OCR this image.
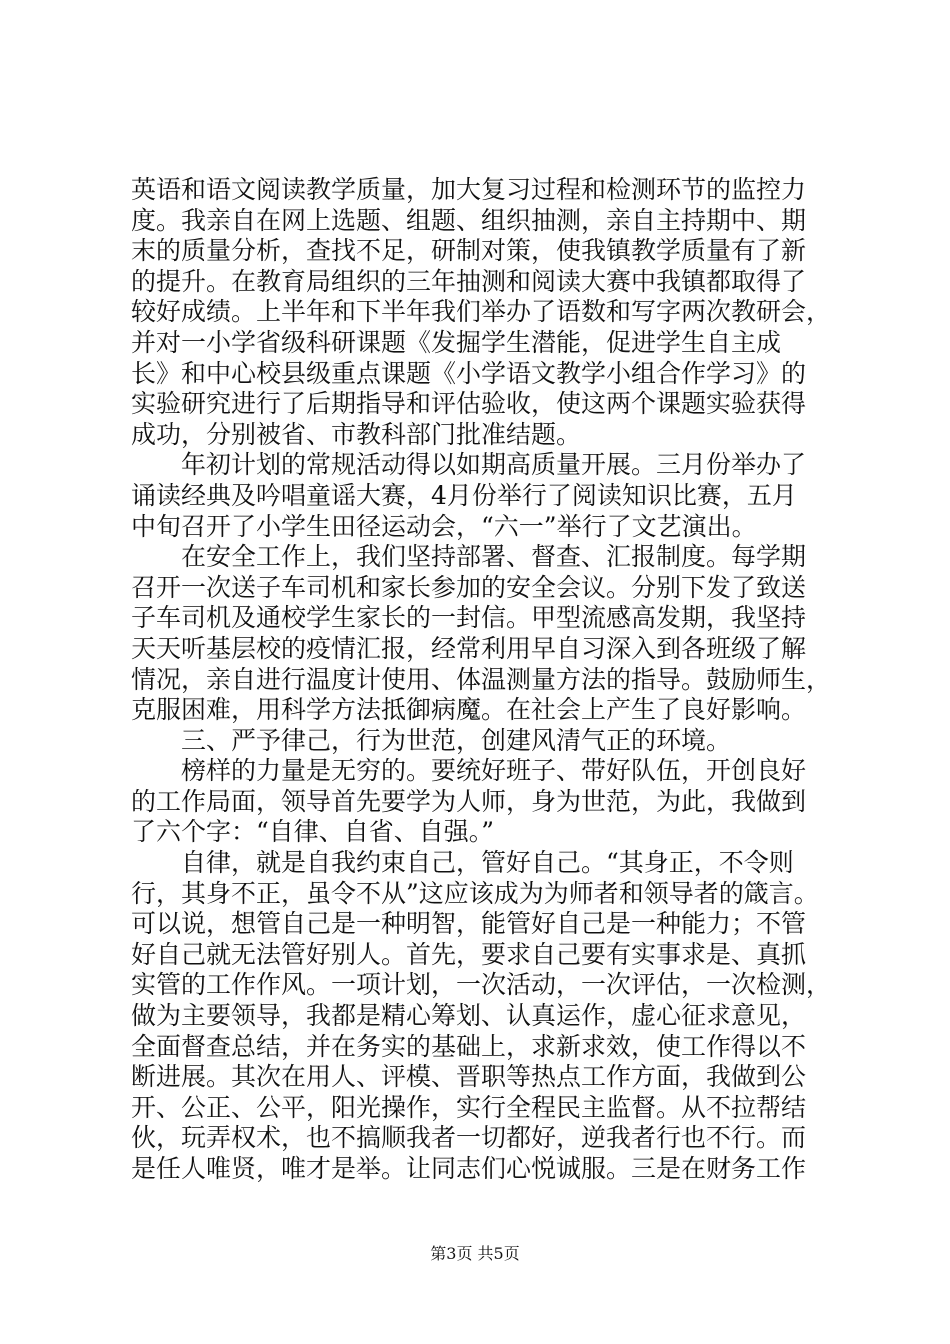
英语和语文阅读教学质量，加大复习过程和检测环节的监控力
度。我亲自在网上选题、组题、组织抽测，亲自主持期中、期
末的质量分析，查找不足，研制对策，使我镇教学质量有了新
的提升。在教育局组织的三年抽测和阅读大赛中我镇都取得了
较好成绩。上半年和下半年我们举办了语数和写字两次教研会，
并对一小学省级科研课题《发掘学生潜能，促进学生自主成
长》和中心校县级重点课题《小学语文教学小组合作学习》的
实验研究进行了后期指导和评估验收，使这两个课题实验获得
成功，分别被省、市教科部门批准结题。
年初计划的常规活动得以如期高质量开展。三月份举办了
诵读经典及吟唱童谣大赛，4月份举行了阅读知识比赛，五月
中旬召开了小学生田径运动会，“六一”举行了文艺演出。
在安全工作上，我们坚持部署、督查、汇报制度。每学期
召开一次送子车司机和家长参加的安全会议。分别下发了致送
子车司机及通校学生家长的一封信。甲型流感高发期，我坚持
天天听基层校的疫情汇报，经常利用早自习深入到各班级了解
情况，亲自进行温度计使用、体温测量方法的指导。鼓励师生，
克服困难，用科学方法抵御病魔。在社会上产生了良好影响。
三、严予律己，行为世范，创建风清气正的环境。
榜样的力量是无穷的。要统好班子、带好队伍，开创良好
的工作局面，领导首先要学为人师，身为世范，为此，我做到
了六个字：“自律、自省、自强。”
自律，就是自我约束自己，管好自己。“其身正，不令则
行，其身不正，虽令不从”这应该成为为师者和领导者的箴言。
可以说，想管自己是一种明智，能管好自己是一种能力；不管
好自己就无法管好别人。首先，要求自己要有实事求是、真抓
实管的工作作风。一项计划，一次活动，一次评估，一次检测，
做为主要领导，我都是精心筹划、认真运作，虚心征求意见，
全面督查总结，并在务实的基础上，求新求效，使工作得以不
断进展。其次在用人、评模、晋职等热点工作方面，我做到公
开、公正、公平，阳光操作，实行全程民主监督。从不拉帮结
伙，玩弄权术，也不搞顺我者一切都好，逆我者行也不行。而
是任人唯贤，唯才是举。让同志们心悦诚服。三是在财务工作
第3页 共5页
